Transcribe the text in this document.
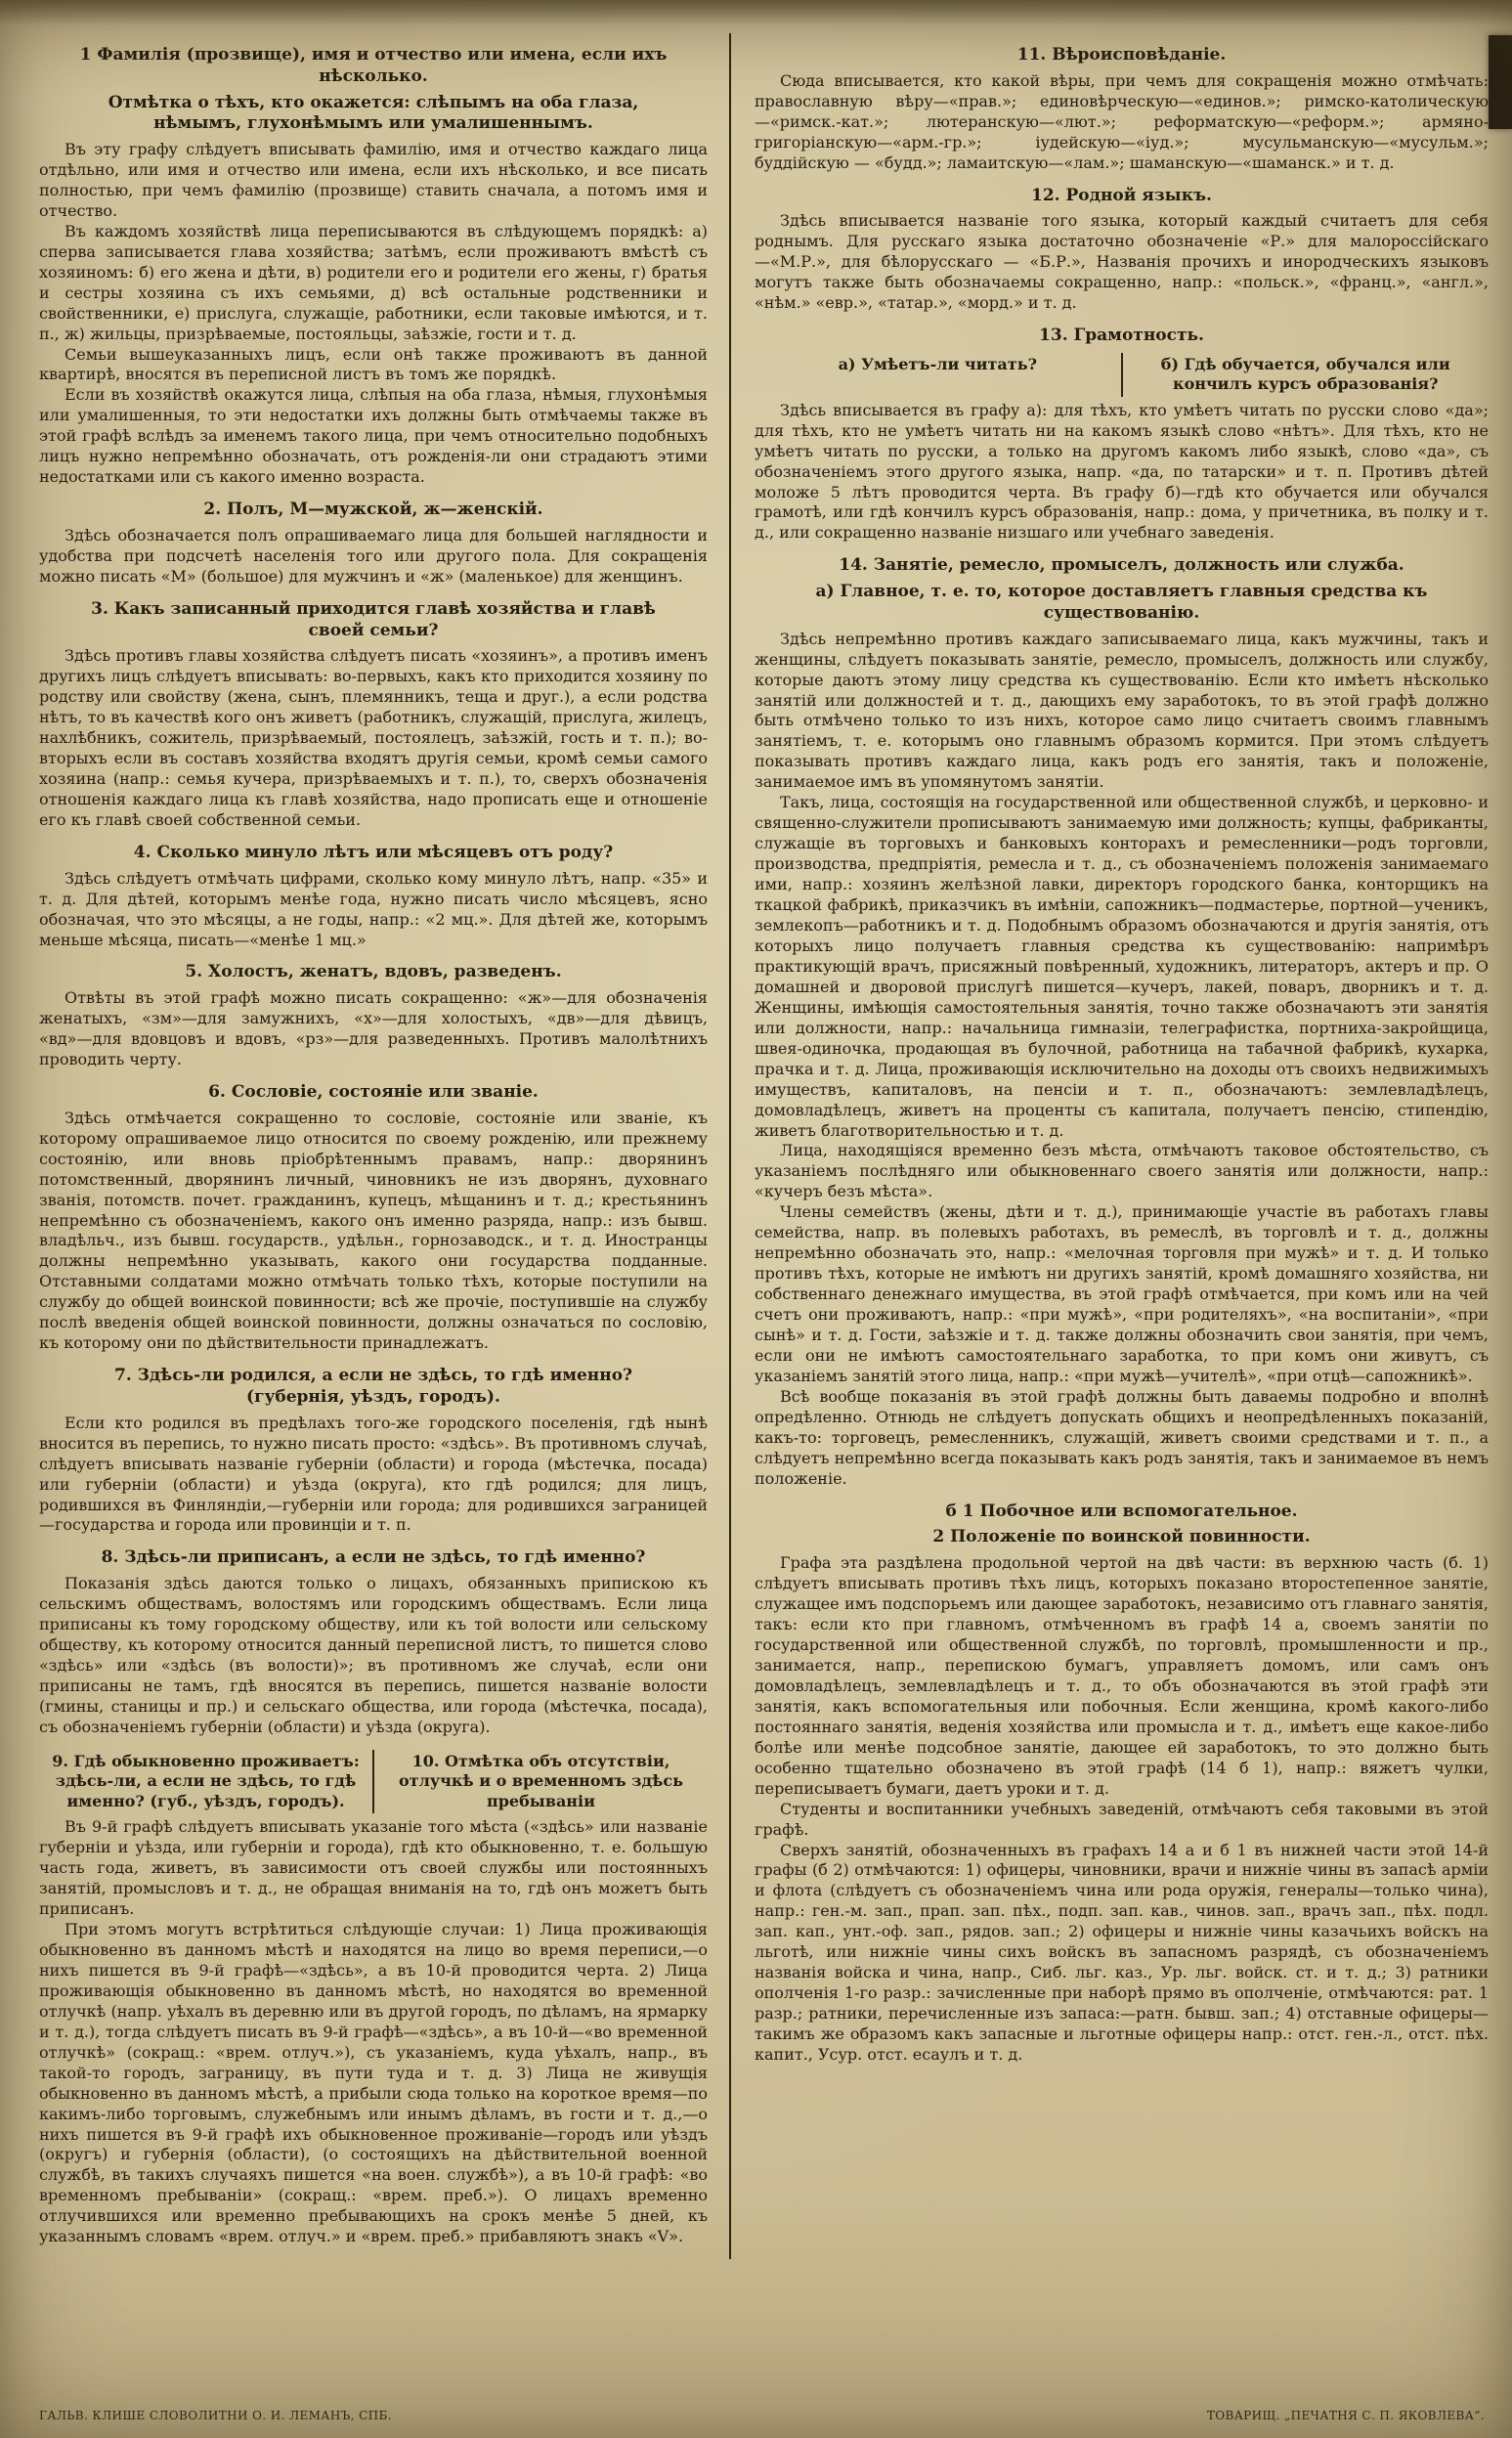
1 Фамилія (прозвище), имя и отчество или имена, если ихъ нѣсколько.
Отмѣтка о тѣхъ, кто окажется: слѣпымъ на оба глаза, нѣмымъ, глухонѣмымъ или умалишеннымъ.

Въ эту графу слѣдуетъ вписывать фамилію, имя и отчество каждаго лица отдѣльно, или имя и отчество или имена, если ихъ нѣсколько, и все писать полностью, при чемъ фамилію (прозвище) ставить сначала, а потомъ имя и отчество.

Въ каждомъ хозяйствѣ лица переписываются въ слѣдующемъ порядкѣ: а) сперва записывается глава хозяйства; затѣмъ, если проживаютъ вмѣстѣ съ хозяиномъ: б) его жена и дѣти, в) родители его и родители его жены, г) братья и сестры хозяина съ ихъ семьями, д) всѣ остальные родственники и свойственники, е) прислуга, служащіе, работники, если таковые имѣются, и т. п., ж) жильцы, призрѣваемые, постояльцы, заѣзжіе, гости и т. д.

Семьи вышеуказанныхъ лицъ, если онѣ также проживаютъ въ данной квартирѣ, вносятся въ переписной листъ въ томъ же порядкѣ.

Если въ хозяйствѣ окажутся лица, слѣпыя на оба глаза, нѣмыя, глухонѣмыя или умалишенныя, то эти недостатки ихъ должны быть отмѣчаемы также въ этой графѣ вслѣдъ за именемъ такого лица, при чемъ относительно подобныхъ лицъ нужно непремѣнно обозначать, отъ рожденія-ли они страдаютъ этими недостатками или съ какого именно возраста.

2. Полъ, М—мужской, ж—женскій.

Здѣсь обозначается полъ опрашиваемаго лица для большей наглядности и удобства при подсчетѣ населенія того или другого пола. Для сокращенія можно писать «М» (большое) для мужчинъ и «ж» (маленькое) для женщинъ.

3. Какъ записанный приходится главѣ хозяйства и главѣ своей семьи?

Здѣсь противъ главы хозяйства слѣдуетъ писать «хозяинъ», а противъ именъ другихъ лицъ слѣдуетъ вписывать: во-первыхъ, какъ кто приходится хозяину по родству или свойству (жена, сынъ, племянникъ, теща и друг.), а если родства нѣтъ, то въ качествѣ кого онъ живетъ (работникъ, служащій, прислуга, жилецъ, нахлѣбникъ, сожитель, призрѣваемый, постоялецъ, заѣзжій, гость и т. п.); во-вторыхъ если въ составъ хозяйства входятъ другія семьи, кромѣ семьи самого хозяина (напр.: семья кучера, призрѣваемыхъ и т. п.), то, сверхъ обозначенія отношенія каждаго лица къ главѣ хозяйства, надо прописать еще и отношеніе его къ главѣ своей собственной семьи.

4. Сколько минуло лѣтъ или мѣсяцевъ отъ роду?

Здѣсь слѣдуетъ отмѣчать цифрами, сколько кому минуло лѣтъ, напр. «35» и т. д. Для дѣтей, которымъ менѣе года, нужно писать число мѣсяцевъ, ясно обозначая, что это мѣсяцы, а не годы, напр.: «2 мц.». Для дѣтей же, которымъ меньше мѣсяца, писать—«менѣе 1 мц.»

5. Холостъ, женатъ, вдовъ, разведенъ.

Отвѣты въ этой графѣ можно писать сокращенно: «ж»—для обозначенія женатыхъ, «зм»—для замужнихъ, «х»—для холостыхъ, «дв»—для дѣвицъ, «вд»—для вдовцовъ и вдовъ, «рз»—для разведенныхъ. Противъ малолѣтнихъ проводить черту.

6. Сословіе, состояніе или званіе.

Здѣсь отмѣчается сокращенно то сословіе, состояніе или званіе, къ которому опрашиваемое лицо относится по своему рожденію, или прежнему состоянію, или вновь пріобрѣтеннымъ правамъ, напр.: дворянинъ потомственный, дворянинъ личный, чиновникъ не изъ дворянъ, духовнаго званія, потомств. почет. гражданинъ, купецъ, мѣщанинъ и т. д.; крестьянинъ непремѣнно съ обозначеніемъ, какого онъ именно разряда, напр.: изъ бывш. владѣльч., изъ бывш. государств., удѣльн., горнозаводск., и т. д. Иностранцы должны непремѣнно указывать, какого они государства подданные. Отставными солдатами можно отмѣчать только тѣхъ, которые поступили на службу до общей воинской повинности; всѣ же прочіе, поступившіе на службу послѣ введенія общей воинской повинности, должны означаться по сословію, къ которому они по дѣйствительности принадлежатъ.

7. Здѣсь-ли родился, а если не здѣсь, то гдѣ именно? (губернія, уѣздъ, городъ).

Если кто родился въ предѣлахъ того-же городского поселенія, гдѣ нынѣ вносится въ перепись, то нужно писать просто: «здѣсь». Въ противномъ случаѣ, слѣдуетъ вписывать названіе губерніи (области) и города (мѣстечка, посада) или губерніи (области) и уѣзда (округа), кто гдѣ родился; для лицъ, родившихся въ Финляндіи,—губерніи или города; для родившихся заграницей—государства и города или провинціи и т. п.

8. Здѣсь-ли приписанъ, а если не здѣсь, то гдѣ именно?

Показанія здѣсь даются только о лицахъ, обязанныхъ припискою къ сельскимъ обществамъ, волостямъ или городскимъ обществамъ. Если лица приписаны къ тому городскому обществу, или къ той волости или сельскому обществу, къ которому относится данный переписной листъ, то пишется слово «здѣсь» или «здѣсь (въ волости)»; въ противномъ же случаѣ, если они приписаны не тамъ, гдѣ вносятся въ перепись, пишется названіе волости (гмины, станицы и пр.) и сельскаго общества, или города (мѣстечка, посада), съ обозначеніемъ губерніи (области) и уѣзда (округа).

9. Гдѣ обыкновенно проживаетъ: здѣсь-ли, а если не здѣсь, то гдѣ именно? (губ., уѣздъ, городъ).
10. Отмѣтка объ отсутствіи, отлучкѣ и о временномъ здѣсь пребываніи

Въ 9-й графѣ слѣдуетъ вписывать указаніе того мѣста («здѣсь» или названіе губерніи и уѣзда, или губерніи и города), гдѣ кто обыкновенно, т. е. большую часть года, живетъ, въ зависимости отъ своей службы или постоянныхъ занятій, промысловъ и т. д., не обращая вниманія на то, гдѣ онъ можетъ быть приписанъ.

При этомъ могутъ встрѣтиться слѣдующіе случаи: 1) Лица проживающія обыкновенно въ данномъ мѣстѣ и находятся на лицо во время переписи,—о нихъ пишется въ 9-й графѣ—«здѣсь», а въ 10-й проводится черта. 2) Лица проживающія обыкновенно въ данномъ мѣстѣ, но находятся во временной отлучкѣ (напр. уѣхалъ въ деревню или въ другой городъ, по дѣламъ, на ярмарку и т. д.), тогда слѣдуетъ писать въ 9-й графѣ—«здѣсь», а въ 10-й—«во временной отлучкѣ» (сокращ.: «врем. отлуч.»), съ указаніемъ, куда уѣхалъ, напр., въ такой-то городъ, заграницу, въ пути туда и т. д. 3) Лица не живущія обыкновенно въ данномъ мѣстѣ, а прибыли сюда только на короткое время—по какимъ-либо торговымъ, служебнымъ или инымъ дѣламъ, въ гости и т. д.,—о нихъ пишется въ 9-й графѣ ихъ обыкновенное проживаніе—городъ или уѣздъ (округъ) и губернія (области), (о состоящихъ на дѣйствительной военной службѣ, въ такихъ случаяхъ пишется «на воен. службѣ»), а въ 10-й графѣ: «во временномъ пребываніи» (сокращ.: «врем. преб.»). О лицахъ временно отлучившихся или временно пребывающихъ на срокъ менѣе 5 дней, къ указаннымъ словамъ «врем. отлуч.» и «врем. преб.» прибавляютъ знакъ «V».

11. Вѣроисповѣданіе.

Сюда вписывается, кто какой вѣры, при чемъ для сокращенія можно отмѣчать: православную вѣру—«прав.»; единовѣрческую—«единов.»; римско-католическую—«римск.-кат.»; лютеранскую—«лют.»; реформатскую—«реформ.»; армяно-григоріанскую—«арм.-гр.»; іудейскую—«іуд.»; мусульманскую—«мусульм.»; буддійскую — «будд.»; ламаитскую—«лам.»; шаманскую—«шаманск.» и т. д.

12. Родной языкъ.

Здѣсь вписывается названіе того языка, который каждый считаетъ для себя роднымъ. Для русскаго языка достаточно обозначеніе «Р.» для малороссійскаго—«М.Р.», для бѣлорусскаго — «Б.Р.», Названія прочихъ и инородческихъ языковъ могутъ также быть обозначаемы сокращенно, напр.: «польск.», «франц.», «англ.», «нѣм.» «евр.», «татар.», «морд.» и т. д.

13. Грамотность.
а) Умѣетъ-ли читать?	б) Гдѣ обучается, обучался или кончилъ курсъ образованія?

Здѣсь вписывается въ графу а): для тѣхъ, кто умѣетъ читать по русски слово «да»; для тѣхъ, кто не умѣетъ читать ни на какомъ языкѣ слово «нѣтъ». Для тѣхъ, кто не умѣетъ читать по русски, а только на другомъ какомъ либо языкѣ, слово «да», съ обозначеніемъ этого другого языка, напр. «да, по татарски» и т. п. Противъ дѣтей моложе 5 лѣтъ проводится черта. Въ графу б)—гдѣ кто обучается или обучался грамотѣ, или гдѣ кончилъ курсъ образованія, напр.: дома, у причетника, въ полку и т. д., или сокращенно названіе низшаго или учебнаго заведенія.

14. Занятіе, ремесло, промыселъ, должность или служба.
а) Главное, т. е. то, которое доставляетъ главныя средства къ существованію.

Здѣсь непремѣнно противъ каждаго записываемаго лица, какъ мужчины, такъ и женщины, слѣдуетъ показывать занятіе, ремесло, промыселъ, должность или службу, которые даютъ этому лицу средства къ существованію. Если кто имѣетъ нѣсколько занятій или должностей и т. д., дающихъ ему заработокъ, то въ этой графѣ должно быть отмѣчено только то изъ нихъ, которое само лицо считаетъ своимъ главнымъ занятіемъ, т. е. которымъ оно главнымъ образомъ кормится. При этомъ слѣдуетъ показывать противъ каждаго лица, какъ родъ его занятія, такъ и положеніе, занимаемое имъ въ упомянутомъ занятіи.

Такъ, лица, состоящія на государственной или общественной службѣ, и церковно- и священно-служители прописываютъ занимаемую ими должность; купцы, фабриканты, служащіе въ торговыхъ и банковыхъ конторахъ и ремесленники—родъ торговли, производства, предпріятія, ремесла и т. д., съ обозначеніемъ положенія занимаемаго ими, напр.: хозяинъ желѣзной лавки, директоръ городского банка, конторщикъ на ткацкой фабрикѣ, приказчикъ въ имѣніи, сапожникъ—подмастерье, портной—ученикъ, землекопъ—работникъ и т. д. Подобнымъ образомъ обозначаются и другія занятія, отъ которыхъ лицо получаетъ главныя средства къ существованію: напримѣръ практикующій врачъ, присяжный повѣренный, художникъ, литераторъ, актеръ и пр. О домашней и дворовой прислугѣ пишется—кучеръ, лакей, поваръ, дворникъ и т. д. Женщины, имѣющія самостоятельныя занятія, точно также обозначаютъ эти занятія или должности, напр.: начальница гимназіи, телеграфистка, портниха-закройщица, швея-одиночка, продающая въ булочной, работница на табачной фабрикѣ, кухарка, прачка и т. д. Лица, проживающія исключительно на доходы отъ своихъ недвижимыхъ имуществъ, капиталовъ, на пенсіи и т. п., обозначаютъ: землевладѣлецъ, домовладѣлецъ, живетъ на проценты съ капитала, получаетъ пенсію, стипендію, живетъ благотворительностью и т. д.

Лица, находящіяся временно безъ мѣста, отмѣчаютъ таковое обстоятельство, съ указаніемъ послѣдняго или обыкновеннаго своего занятія или должности, напр.: «кучеръ безъ мѣста».

Члены семействъ (жены, дѣти и т. д.), принимающіе участіе въ работахъ главы семейства, напр. въ полевыхъ работахъ, въ ремеслѣ, въ торговлѣ и т. д., должны непремѣнно обозначать это, напр.: «мелочная торговля при мужѣ» и т. д. И только противъ тѣхъ, которые не имѣютъ ни другихъ занятій, кромѣ домашняго хозяйства, ни собственнаго денежнаго имущества, въ этой графѣ отмѣчается, при комъ или на чей счетъ они проживаютъ, напр.: «при мужѣ», «при родителяхъ», «на воспитаніи», «при сынѣ» и т. д. Гости, заѣзжіе и т. д. также должны обозначить свои занятія, при чемъ, если они не имѣютъ самостоятельнаго заработка, то при комъ они живутъ, съ указаніемъ занятій этого лица, напр.: «при мужѣ—учителѣ», «при отцѣ—сапожникѣ».

Всѣ вообще показанія въ этой графѣ должны быть даваемы подробно и вполнѣ опредѣленно. Отнюдь не слѣдуетъ допускать общихъ и неопредѣленныхъ показаній, какъ-то: торговецъ, ремесленникъ, служащій, живетъ своими средствами и т. п., а слѣдуетъ непремѣнно всегда показывать какъ родъ занятія, такъ и занимаемое въ немъ положеніе.

б 1 Побочное или вспомогательное.
2 Положеніе по воинской повинности.

Графа эта раздѣлена продольной чертой на двѣ части: въ верхнюю часть (б. 1) слѣдуетъ вписывать противъ тѣхъ лицъ, которыхъ показано второстепенное занятіе, служащее имъ подспорьемъ или дающее заработокъ, независимо отъ главнаго занятія, такъ: если кто при главномъ, отмѣченномъ въ графѣ 14 а, своемъ занятіи по государственной или общественной службѣ, по торговлѣ, промышленности и пр., занимается, напр., перепискою бумагъ, управляетъ домомъ, или самъ онъ домовладѣлецъ, землевладѣлецъ и т. д., то объ обозначаются въ этой графѣ эти занятія, какъ вспомогательныя или побочныя. Если женщина, кромѣ какого-либо постояннаго занятія, веденія хозяйства или промысла и т. д., имѣетъ еще какое-либо болѣе или менѣе подсобное занятіе, дающее ей заработокъ, то это должно быть особенно тщательно обозначено въ этой графѣ (14 б 1), напр.: вяжетъ чулки, переписываетъ бумаги, даетъ уроки и т. д.

Студенты и воспитанники учебныхъ заведеній, отмѣчаютъ себя таковыми въ этой графѣ.

Сверхъ занятій, обозначенныхъ въ графахъ 14 а и б 1 въ нижней части этой 14-й графы (б 2) отмѣчаются: 1) офицеры, чиновники, врачи и нижніе чины въ запасѣ арміи и флота (слѣдуетъ съ обозначеніемъ чина или рода оружія, генералы—только чина), напр.: ген.-м. зап., прап. зап. пѣх., подп. зап. кав., чинов. зап., врачъ зап., пѣх. подл. зап. кап., унт.-оф. зап., рядов. зап.; 2) офицеры и нижніе чины казачьихъ войскъ на льготѣ, или нижніе чины сихъ войскъ въ запасномъ разрядѣ, съ обозначеніемъ названія войска и чина, напр., Сиб. льг. каз., Ур. льг. войск. ст. и т. д.; 3) ратники ополченія 1-го разр.: зачисленные при наборѣ прямо въ ополченіе, отмѣчаются: рат. 1 разр.; ратники, перечисленные изъ запаса:—ратн. бывш. зап.; 4) отставные офицеры—такимъ же образомъ какъ запасные и льготные офицеры напр.: отст. ген.-л., отст. пѣх. капит., Усур. отст. есаулъ и т. д.

ГАЛЬВ. КЛИШЕ СЛОВОЛИТНИ О. И. ЛЕМАНЪ, СПБ.	ТОВАРИЩ. „ПЕЧАТНЯ С. П. ЯКОВЛЕВА“.
